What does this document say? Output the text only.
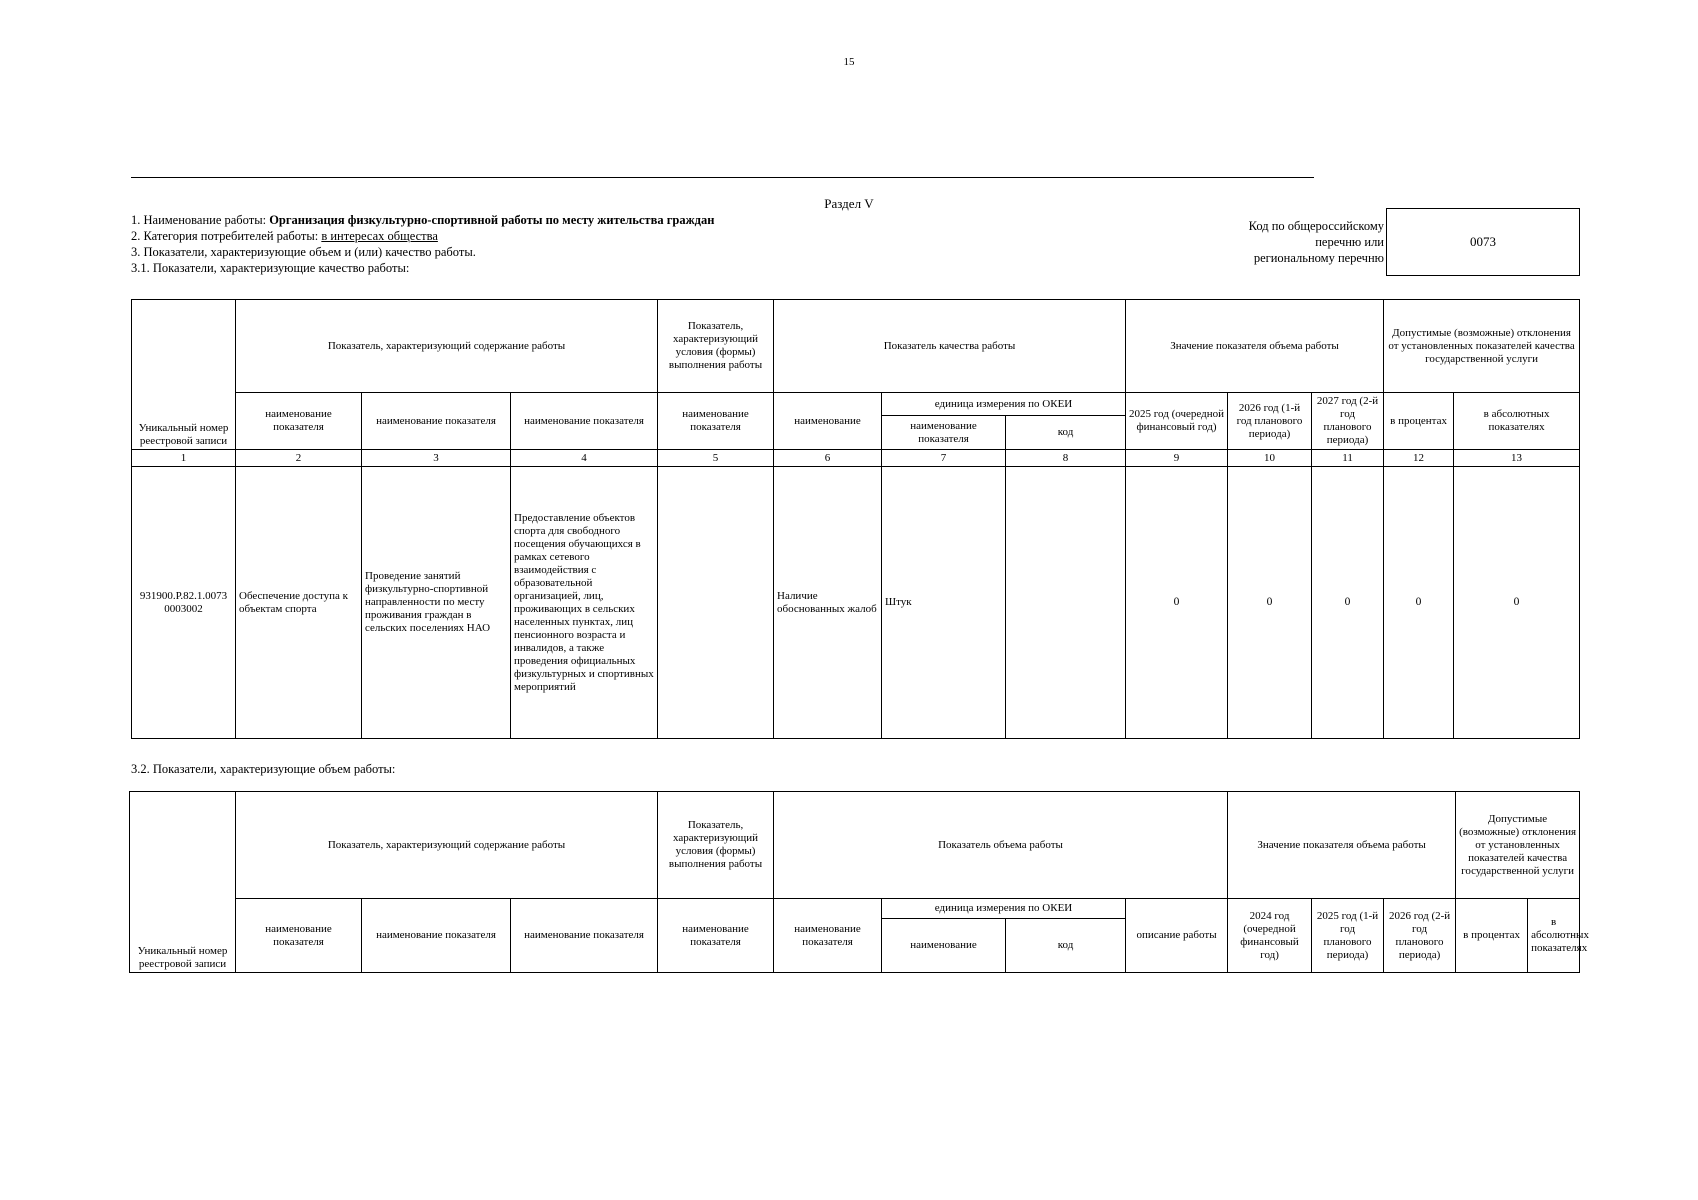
15
Раздел V
1. Наименование работы: Организация физкультурно-спортивной работы по месту жительства граждан
2. Категория потребителей работы: в интересах общества
3. Показатели, характеризующие объем и (или) качество работы.
3.1. Показатели, характеризующие качество работы:
Код по общероссийскому
перечню или
региональному перечню
0073
Уникальный номер реестровой записи	Показатель, характеризующий содержание работы			Показатель, характеризующий условия (формы) выполнения работы	Показатель качества работы			Значение показателя объема работы			Допустимые (возможные) отклонения от установленных показателей качества государственной услуги	
	наименование показателя	наименование показателя	наименование показателя	наименование показателя	наименование	единица измерения по ОКЕИ		2025 год (очередной финансовый год)	2026 год (1-й год планового периода)	2027 год (2-й год планового периода)	в процентах	в абсолютных показателях
						наименование показателя	код					
1	2	3	4	5	6	7	8	9	10	11	12	13
931900.Р.82.1.0073 0003002	Обеспечение доступа к объектам спорта	Проведение занятий физкультурно-спортивной направленности по месту проживания граждан в сельских поселениях НАО	Предоставление объектов спорта для свободного посещения обучающихся в рамках сетевого взаимодействия с образовательной организацией, лиц, проживающих в сельских населенных пунктах, лиц пенсионного возраста и инвалидов, а также проведения официальных физкультурных и спортивных мероприятий		Наличие обоснованных жалоб	Штук		0	0	0	0	0
3.2. Показатели, характеризующие объем работы:
Уникальный номер реестровой записи	Показатель, характеризующий содержание работы			Показатель, характеризующий условия (формы) выполнения работы	Показатель объема работы				Значение показателя объема работы			Допустимые (возможные) отклонения от установленных показателей качества государственной услуги	
	наименование показателя	наименование показателя	наименование показателя	наименование показателя	наименование показателя	единица измерения по ОКЕИ		описание работы	2024 год (очередной финансовый год)	2025 год (1-й год планового периода)	2026 год (2-й год планового периода)	в процентах	в абсолютных показателях
						наименование	код						
